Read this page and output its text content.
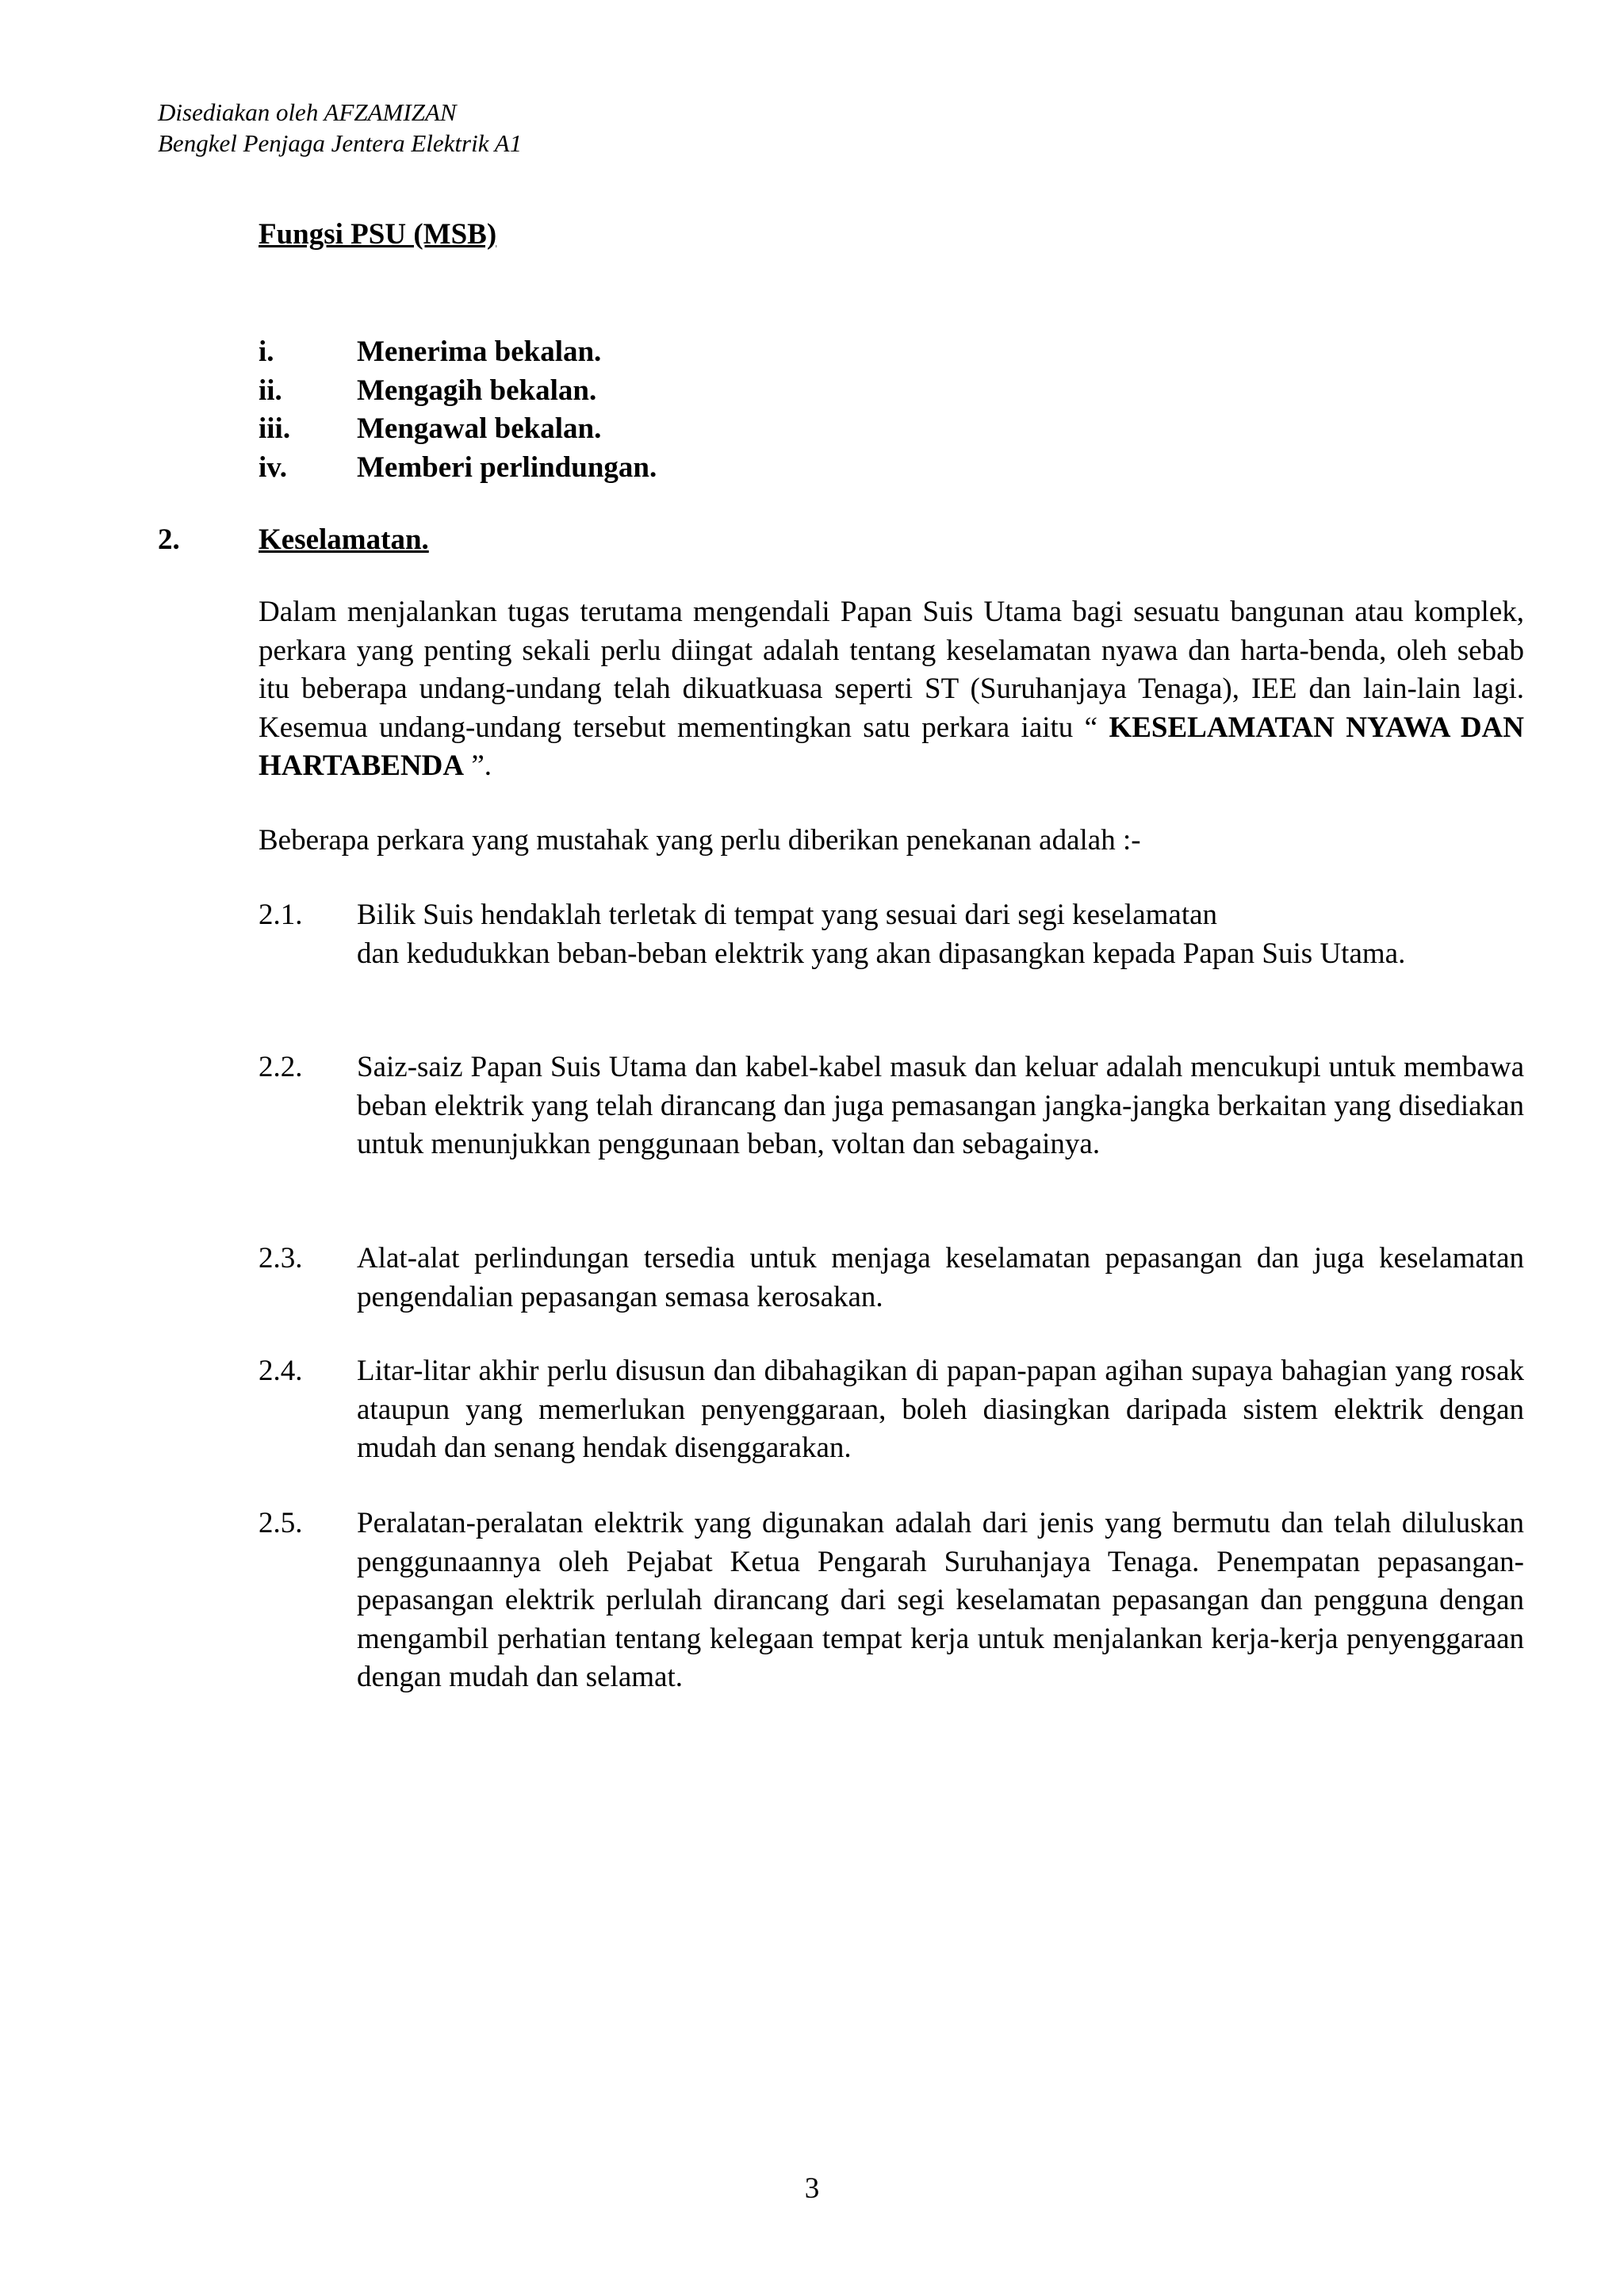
Disediakan oleh AFZAMIZAN
Bengkel Penjaga Jentera Elektrik A1
Fungsi PSU (MSB)
i.	Menerima bekalan.
ii.	Mengagih bekalan.
iii. Mengawal bekalan.
iv. Memberi perlindungan.
2.	Keselamatan.
Dalam menjalankan tugas terutama mengendali Papan Suis Utama bagi sesuatu bangunan atau komplek, perkara yang penting sekali perlu diingat adalah tentang keselamatan nyawa dan harta-benda, oleh sebab itu beberapa undang-undang telah dikuatkuasa seperti ST (Suruhanjaya Tenaga), IEE dan lain-lain lagi. Kesemua undang-undang tersebut mementingkan satu perkara iaitu “ KESELAMATAN NYAWA DAN HARTABENDA ”.
Beberapa perkara yang mustahak yang perlu diberikan penekanan adalah :-
2.1. Bilik Suis hendaklah terletak di tempat yang sesuai dari segi keselamatan
dan kedudukkan beban-beban elektrik yang akan dipasangkan kepada Papan Suis Utama.
2.2. Saiz-saiz Papan Suis Utama dan kabel-kabel masuk dan keluar adalah mencukupi untuk membawa beban elektrik yang telah dirancang dan juga pemasangan jangka-jangka berkaitan yang disediakan untuk menunjukkan penggunaan beban, voltan dan sebagainya.
2.3. Alat-alat perlindungan tersedia untuk menjaga keselamatan pepasangan dan juga keselamatan pengendalian pepasangan semasa kerosakan.
2.4. Litar-litar akhir perlu disusun dan dibahagikan di papan-papan agihan supaya bahagian yang rosak ataupun yang memerlukan penyenggaraan, boleh diasingkan daripada sistem elektrik dengan mudah dan senang hendak disenggarakan.
2.5. Peralatan-peralatan elektrik yang digunakan adalah dari jenis yang bermutu dan telah diluluskan penggunaannya oleh Pejabat Ketua Pengarah Suruhanjaya Tenaga. Penempatan pepasangan-pepasangan elektrik perlulah dirancang dari segi keselamatan pepasangan dan pengguna dengan mengambil perhatian tentang kelegaan tempat kerja untuk menjalankan kerja-kerja penyenggaraan dengan mudah dan selamat.
3
